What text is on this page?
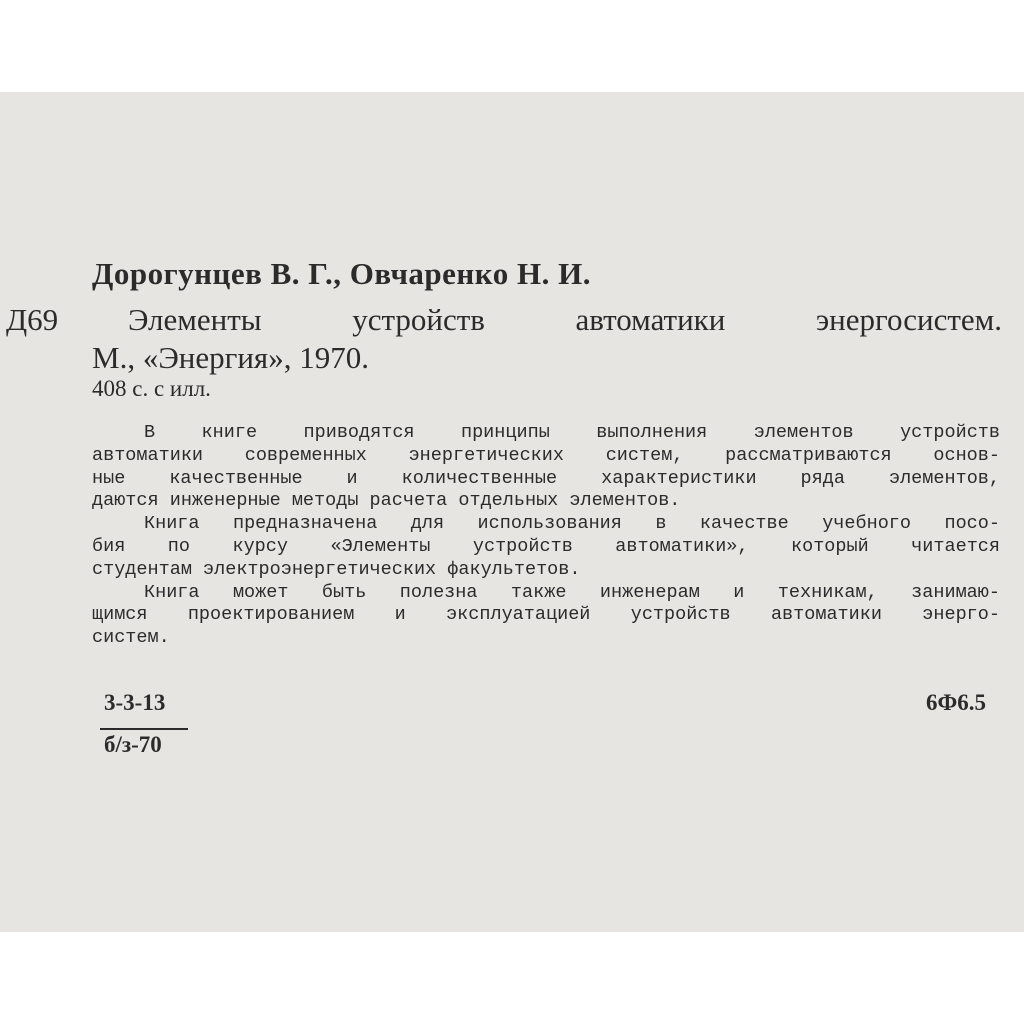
Дорогунцев В. Г., Овчаренко Н. И.
Д69 Элементы	устройств	автоматики	энергосистем.
М., «Энергия», 1970.
408 с. с илл.
В книге приводятся принципы выполнения элементов устройств
автоматики современных энергетических систем, рассматриваются основ-
ные качественные и количественные характеристики ряда элементов,
даются инженерные методы расчета отдельных элементов.
Книга предназначена для использования в качестве учебного посо-
бия по курсу «Элементы устройств автоматики», который читается
студентам электроэнергетических факультетов.
Книга может быть полезна также инженерам и техникам, занимаю-
щимся проектированием и эксплуатацией устройств автоматики энерго-
систем.
3-3-13
б/з-70
6Ф6.5
